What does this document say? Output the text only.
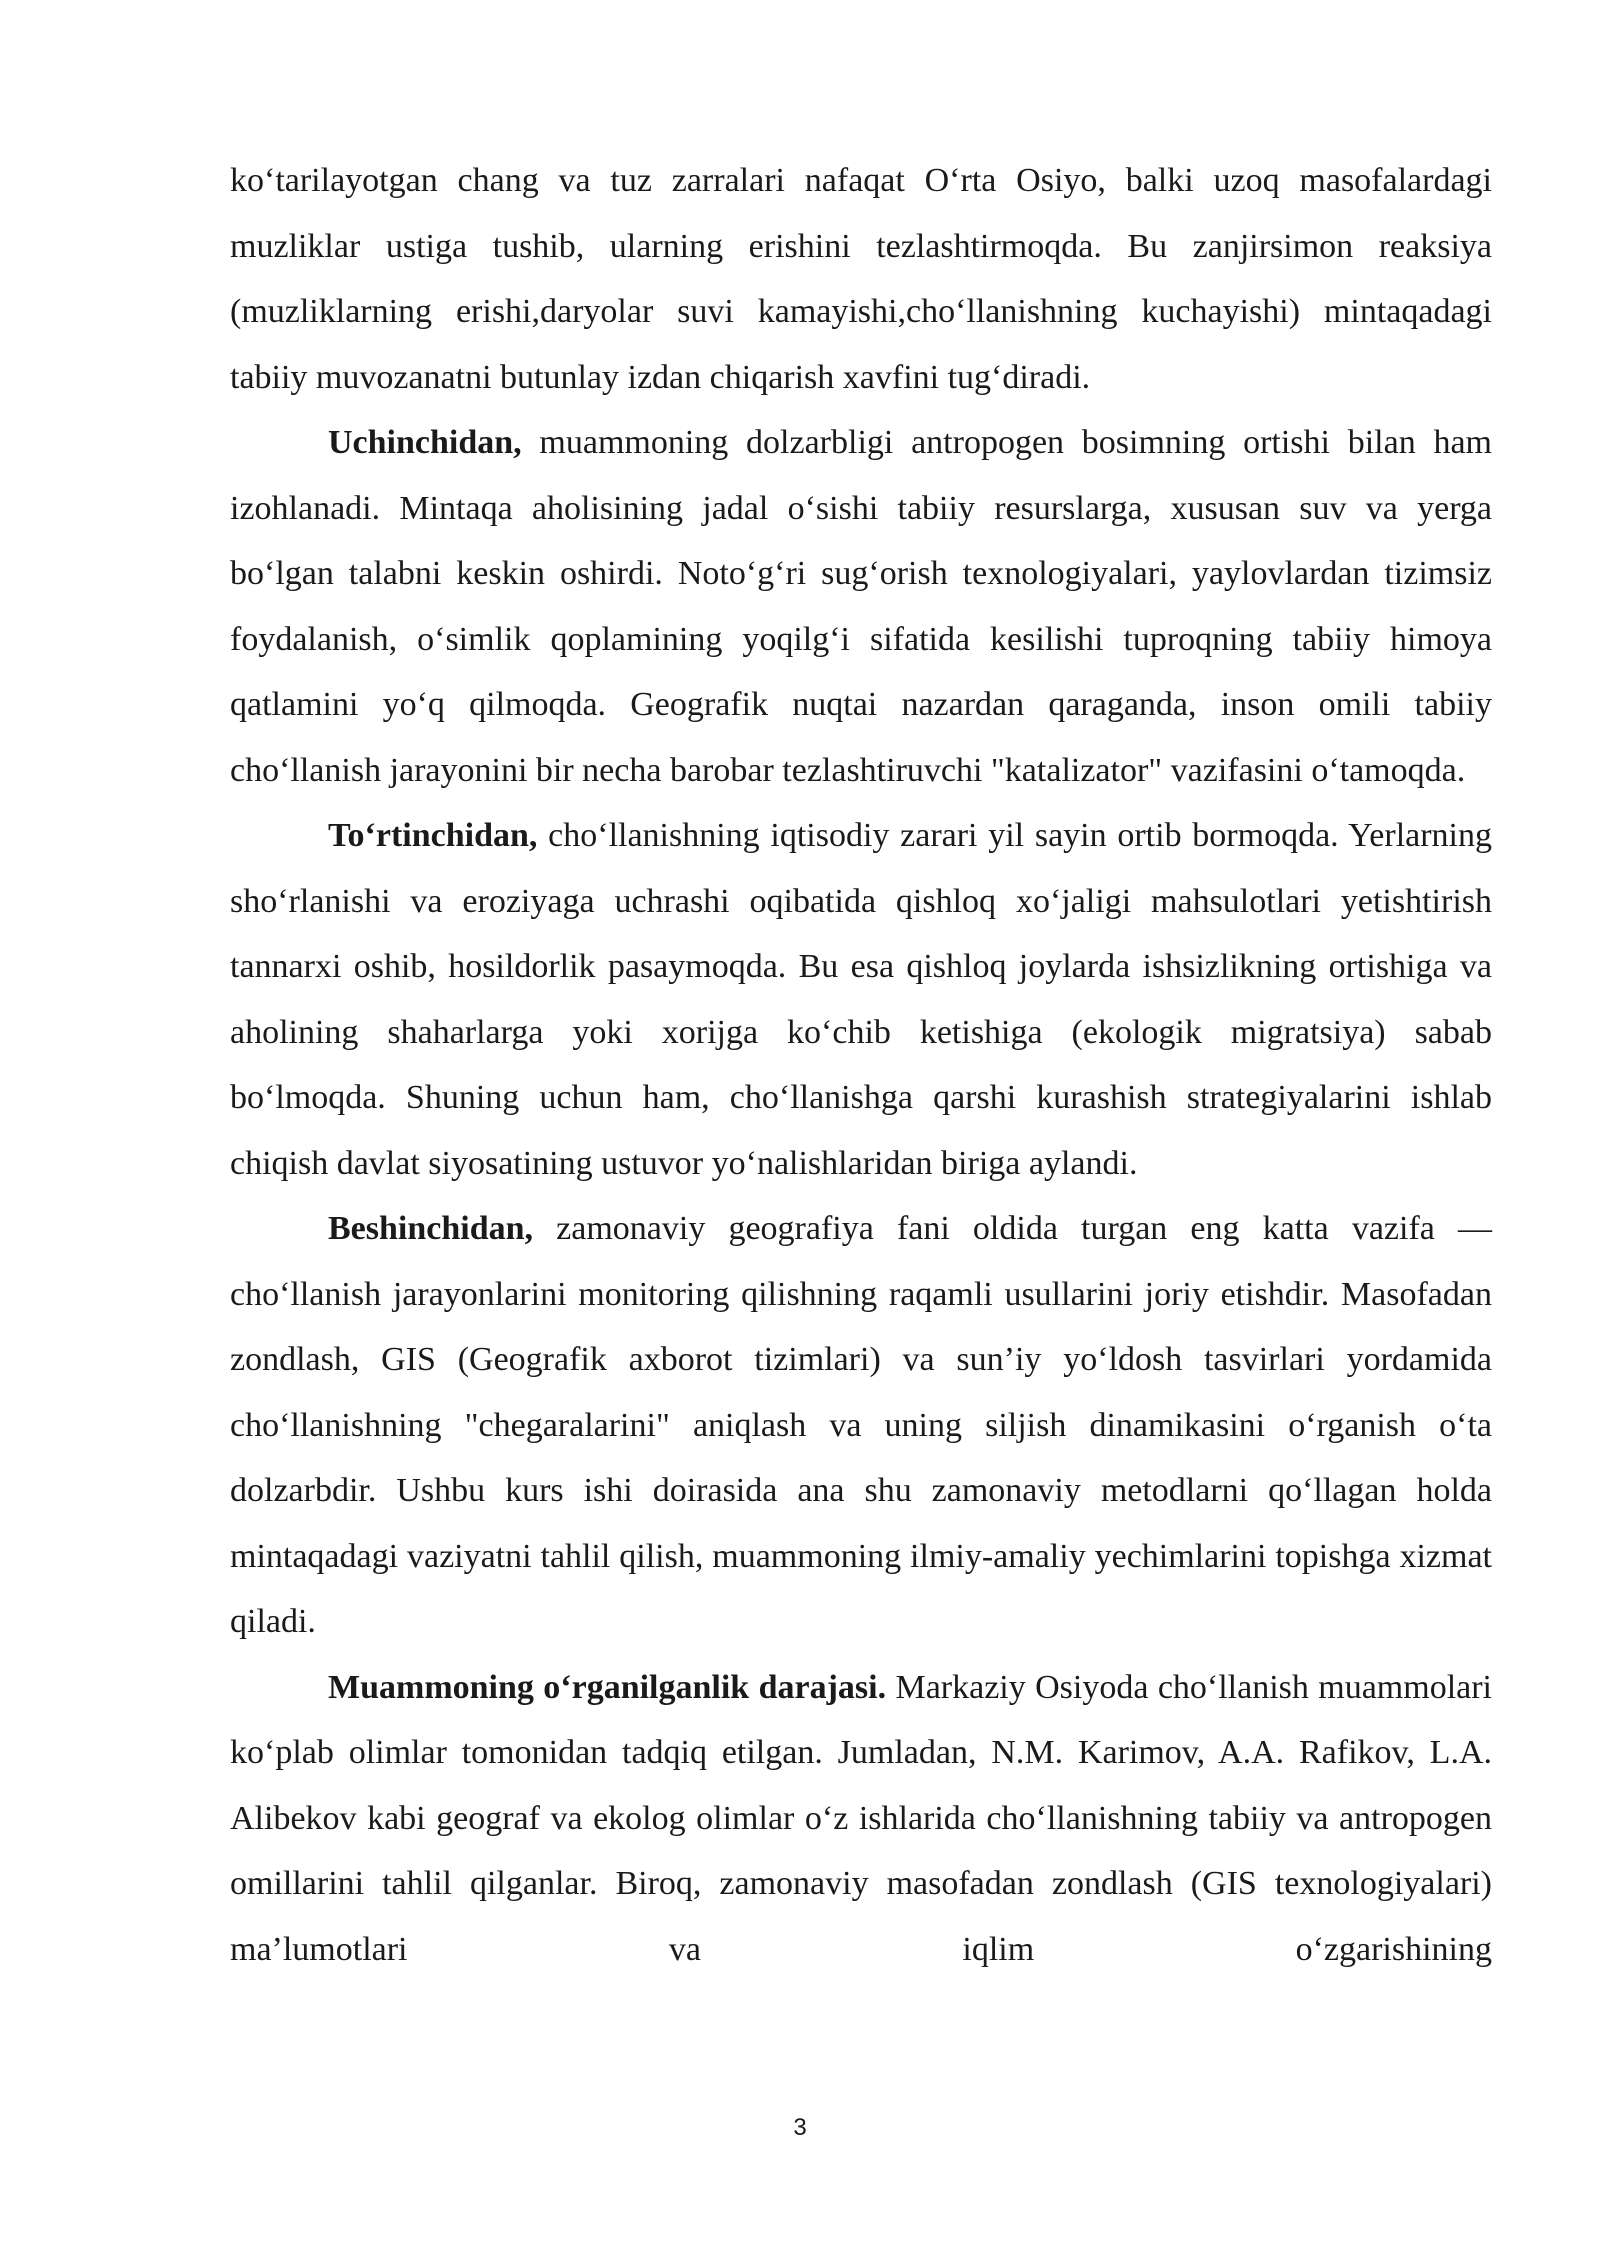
ko‘tarilayotgan chang va tuz zarralari nafaqat O‘rta Osiyo, balki uzoq masofalardagi muzliklar ustiga tushib, ularning erishini tezlashtirmoqda. Bu zanjirsimon reaksiya (muzliklarning erishi,daryolar suvi kamayishi,cho‘llanishning kuchayishi) mintaqadagi tabiiy muvozanatni butunlay izdan chiqarish xavfini tug‘diradi.

Uchinchidan, muammoning dolzarbligi antropogen bosimning ortishi bilan ham izohlanadi. Mintaqa aholisining jadal o‘sishi tabiiy resurslarga, xususan suv va yerga bo‘lgan talabni keskin oshirdi. Noto‘g‘ri sug‘orish texnologiyalari, yaylovlardan tizimsiz foydalanish, o‘simlik qoplamining yoqilg‘i sifatida kesilishi tuproqning tabiiy himoya qatlamini yo‘q qilmoqda. Geografik nuqtai nazardan qaraganda, inson omili tabiiy cho‘llanish jarayonini bir necha barobar tezlashtiruvchi "katalizator" vazifasini o‘tamoqda.

To‘rtinchidan, cho‘llanishning iqtisodiy zarari yil sayin ortib bormoqda. Yerlarning sho‘rlanishi va eroziyaga uchrashi oqibatida qishloq xo‘jaligi mahsulotlari yetishtirish tannarxi oshib, hosildorlik pasaymoqda. Bu esa qishloq joylarda ishsizlikning ortishiga va aholining shaharlarga yoki xorijga ko‘chib ketishiga (ekologik migratsiya) sabab bo‘lmoqda. Shuning uchun ham, cho‘llanishga qarshi kurashish strategiyalarini ishlab chiqish davlat siyosatining ustuvor yo‘nalishlaridan biriga aylandi.

Beshinchidan, zamonaviy geografiya fani oldida turgan eng katta vazifa — cho‘llanish jarayonlarini monitoring qilishning raqamli usullarini joriy etishdir. Masofadan zondlash, GIS (Geografik axborot tizimlari) va sun’iy yo‘ldosh tasvirlari yordamida cho‘llanishning "chegaralarini" aniqlash va uning siljish dinamikasini o‘rganish o‘ta dolzarbdir. Ushbu kurs ishi doirasida ana shu zamonaviy metodlarni qo‘llagan holda mintaqadagi vaziyatni tahlil qilish, muammoning ilmiy-amaliy yechimlarini topishga xizmat qiladi.

Muammoning o‘rganilganlik darajasi. Markaziy Osiyoda cho‘llanish muammolari ko‘plab olimlar tomonidan tadqiq etilgan. Jumladan, N.M. Karimov, A.A. Rafikov, L.A. Alibekov kabi geograf va ekolog olimlar o‘z ishlarida cho‘llanishning tabiiy va antropogen omillarini tahlil qilganlar. Biroq, zamonaviy masofadan zondlash (GIS texnologiyalari) ma’lumotlari va iqlim o‘zgarishining

3
